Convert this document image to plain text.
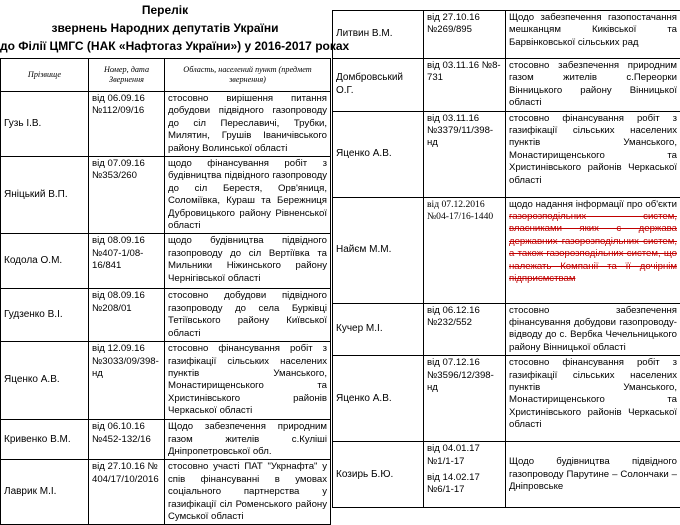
Перелік
звернень Народних депутатів України
до Філії ЦМГС (НАК «Нафтогаз України») у 2016-2017 роках
Прізвище	Номер, дата Звернення	Область, населений пункт (предмет звернення)
Гузь І.В.	від 06.09.16 №112/09/16	стосовно вирішення питання добудови підвідного газопроводу до сіл Переславичі, Трубки, Милятин, Грушів Іваничівського району Волинської області
Яніцький В.П.	від 07.09.16 №353/260	щодо фінансування робіт з будівництва підвідного газопроводу до сіл Берестя, Орв'яниця, Соломіївка, Кураш та Бережниця Дубровицького району Рівненської області
Кодола О.М.	від 08.09.16 №407-1/08-16/841	щодо будівництва підвідного газопроводу до сіл Вертіївка та Мильники Ніжинського району Чернігівської області
Гудзенко В.І.	від 08.09.16 №208/01	стосовно добудови підвідного газопроводу до села Бурківці Тетіївського району Київської області
Яценко А.В.	від 12.09.16 №3033/09/398-нд	стосовно фінансування робіт з газифікації сільських населених пунктів Уманського, Монастирищенського та Христинівського районів Черкаської області
Кривенко В.М.	від 06.10.16 №452-132/16	Щодо забезпечення природним газом жителів с.Кулішi Дніпропетровської обл.
Лаврик М.І.	від 27.10.16 № 404/17/10/2016	стосовно участі ПАТ "Укрнафта" у спів фінансуванні в умовах соціального партнерства у газифікації сіл Роменського району Сумської області
Литвин В.М.	від 27.10.16 №269/895	Щодо забезпечення газопостачання мешканцям Киківської та Барвінковської сільських рад
Домбровський О.Г.	від 03.11.16 №8-731	стосовно забезпечення природним газом жителів с.Переорки Вінницького району Вінницької області
Яценко А.В.	від 03.11.16 №3379/11/398-нд	стосовно фінансування робіт з газифікації сільських населених пунктів Уманського, Монастирищенського та Христинівського районів Черкаської області
Найєм М.М.	від 07.12.2016 №04-17/16-1440	щодо надання інформації про об'єкти газорозподільних систем, власниками яких є держава державних газорозподільних систем, а також газорозподільних систем, що належать Компанії та її дочірнім підприємствам
Кучер М.І.	від 06.12.16 №232/552	стосовно забезпечення фінансування добудови газопроводу-відводу до с. Вербка Чечельницького району Вінницької області
Яценко А.В.	від 07.12.16 №3596/12/398-нд	стосовно фінансування робіт з газифікації сільських населених пунктів Уманського, Монастирищенського та Христинівського районів Черкаської області
Козирь Б.Ю.	від 04.01.17
№1/1-17
від 14.02.17
№6/1-17	Щодо будівництва підвідного газопроводу Парутине – Солончаки – Дніпровське
